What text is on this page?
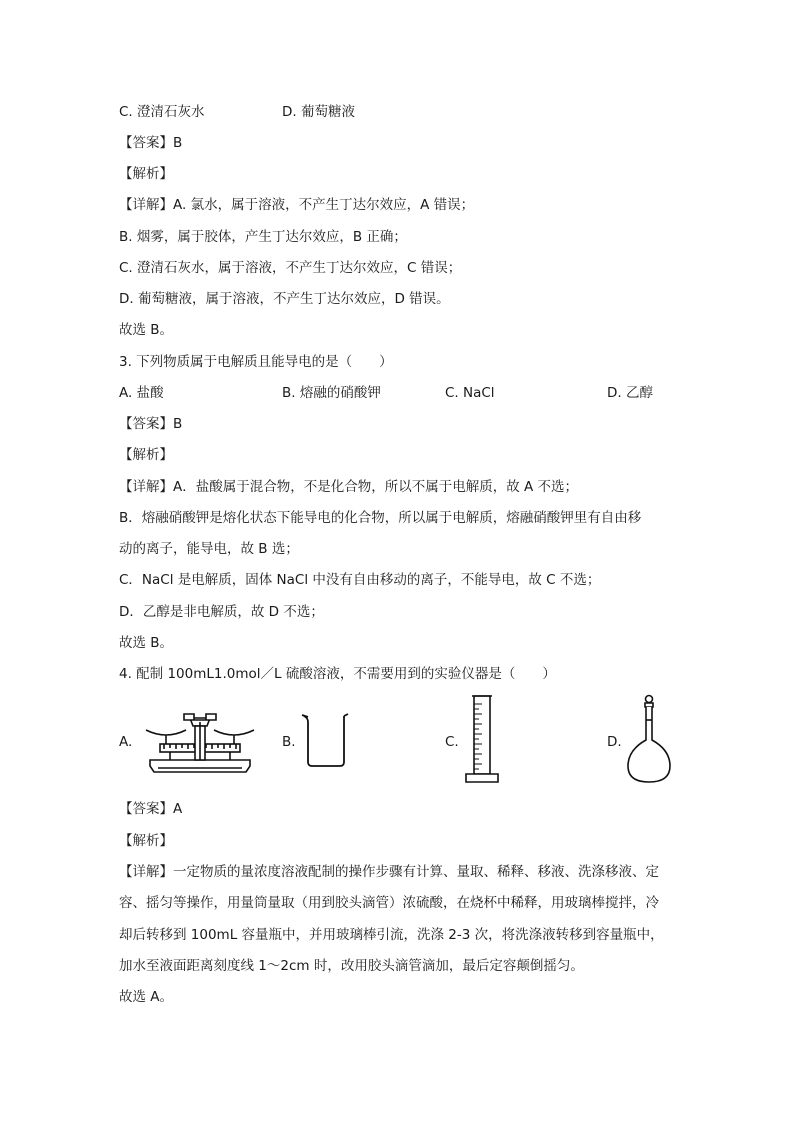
C. 澄清石灰水	D. 葡萄糖液
【答案】B
【解析】
【详解】A. 氯水，属于溶液，不产生丁达尔效应，A 错误；
B. 烟雾，属于胶体，产生丁达尔效应，B 正确；
C. 澄清石灰水，属于溶液，不产生丁达尔效应，C 错误；
D. 葡萄糖液，属于溶液，不产生丁达尔效应，D 错误。
故选 B。
3. 下列物质属于电解质且能导电的是（　　）
A. 盐酸	B. 熔融的硝酸钾	C. NaCl	D. 乙醇
【答案】B
【解析】
【详解】A．盐酸属于混合物，不是化合物，所以不属于电解质，故 A 不选；
B．熔融硝酸钾是熔化状态下能导电的化合物，所以属于电解质，熔融硝酸钾里有自由移
动的离子，能导电，故 B 选；
C．NaCl 是电解质，固体 NaCl 中没有自由移动的离子，不能导电，故 C 不选；
D．乙醇是非电解质，故 D 不选；
故选 B。
4. 配制 100mL1.0mol／L 硫酸溶液，不需要用到的实验仪器是（　　）
A.	B.	C.	D.
【答案】A
【解析】
【详解】一定物质的量浓度溶液配制的操作步骤有计算、量取、稀释、移液、洗涤移液、定
容、摇匀等操作，用量筒量取（用到胶头滴管）浓硫酸，在烧杯中稀释，用玻璃棒搅拌，冷
却后转移到 100mL 容量瓶中，并用玻璃棒引流，洗涤 2-3 次，将洗涤液转移到容量瓶中，
加水至液面距离刻度线 1～2cm 时，改用胶头滴管滴加，最后定容颠倒摇匀。
故选 A。
